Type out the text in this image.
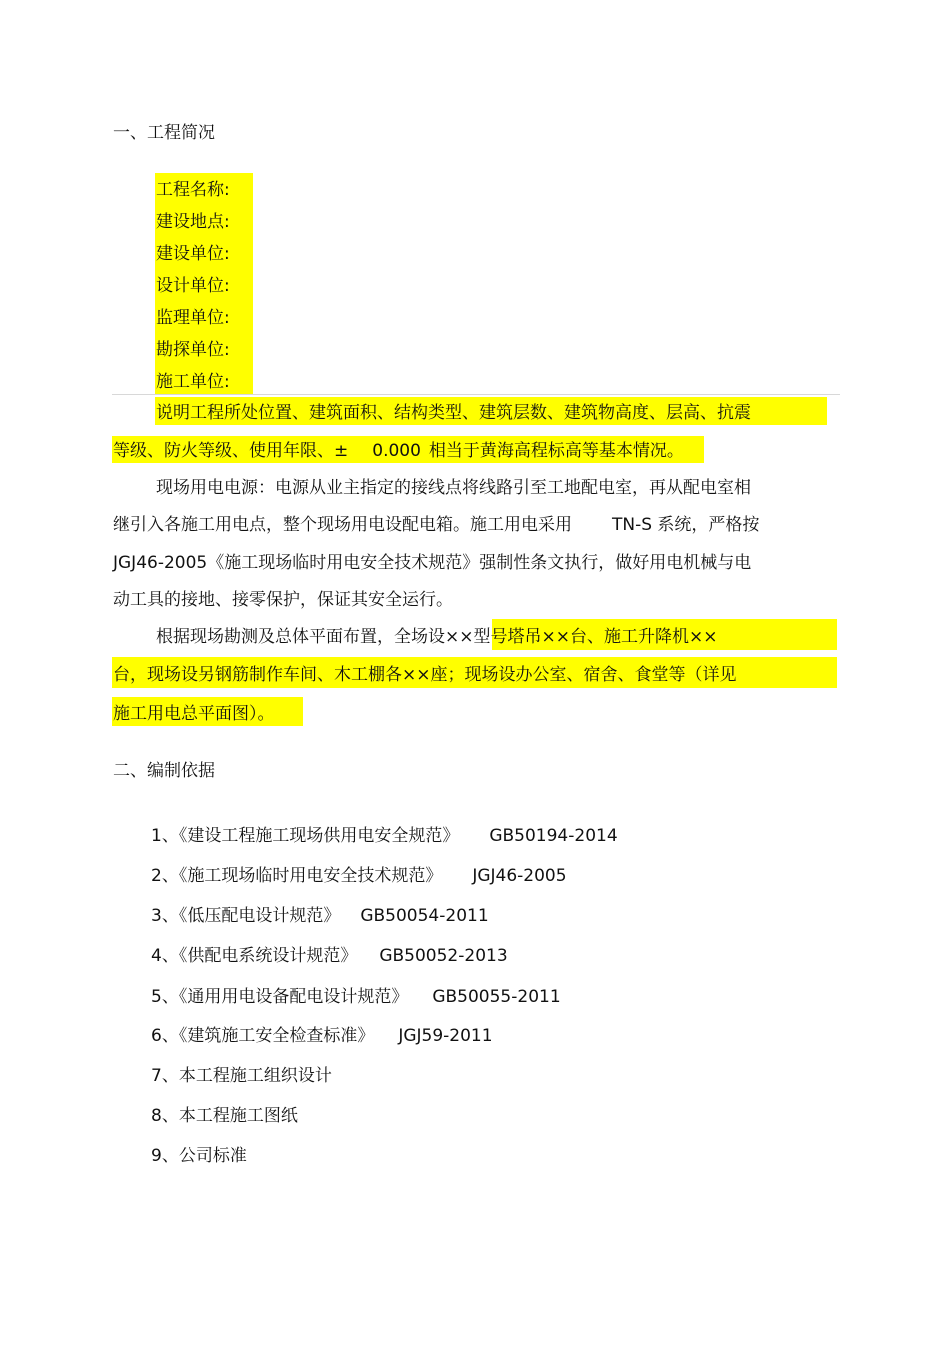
一、工程简况
工程名称:
建设地点:
建设单位:
设计单位:
监理单位:
勘探单位:
施工单位:
说明工程所处位置、建筑面积、结构类型、建筑层数、建筑物高度、层高、抗震
等级、防火等级、使用年限、± 0.000 相当于黄海高程标高等基本情况。
现场用电电源：电源从业主指定的接线点将线路引至工地配电室，再从配电室相
继引入各施工用电点，整个现场用电设配电箱。施工用电采用 TN-S 系统，严格按
JGJ46-2005《施工现场临时用电安全技术规范》强制性条文执行，做好用电机械与电
动工具的接地、接零保护，保证其安全运行。
根据现场勘测及总体平面布置，全场设××型号塔吊××台、施工升降机××
台，现场设另钢筋制作车间、木工棚各××座；现场设办公室、宿舍、食堂等（详见
施工用电总平面图）。
二、编制依据
1、《建设工程施工现场供用电安全规范》 GB50194-2014
2、《施工现场临时用电安全技术规范》 JGJ46-2005
3、《低压配电设计规范》 GB50054-2011
4、《供配电系统设计规范》 GB50052-2013
5、《通用用电设备配电设计规范》 GB50055-2011
6、《建筑施工安全检查标准》 JGJ59-2011
7、本工程施工组织设计
8、本工程施工图纸
9、公司标准
